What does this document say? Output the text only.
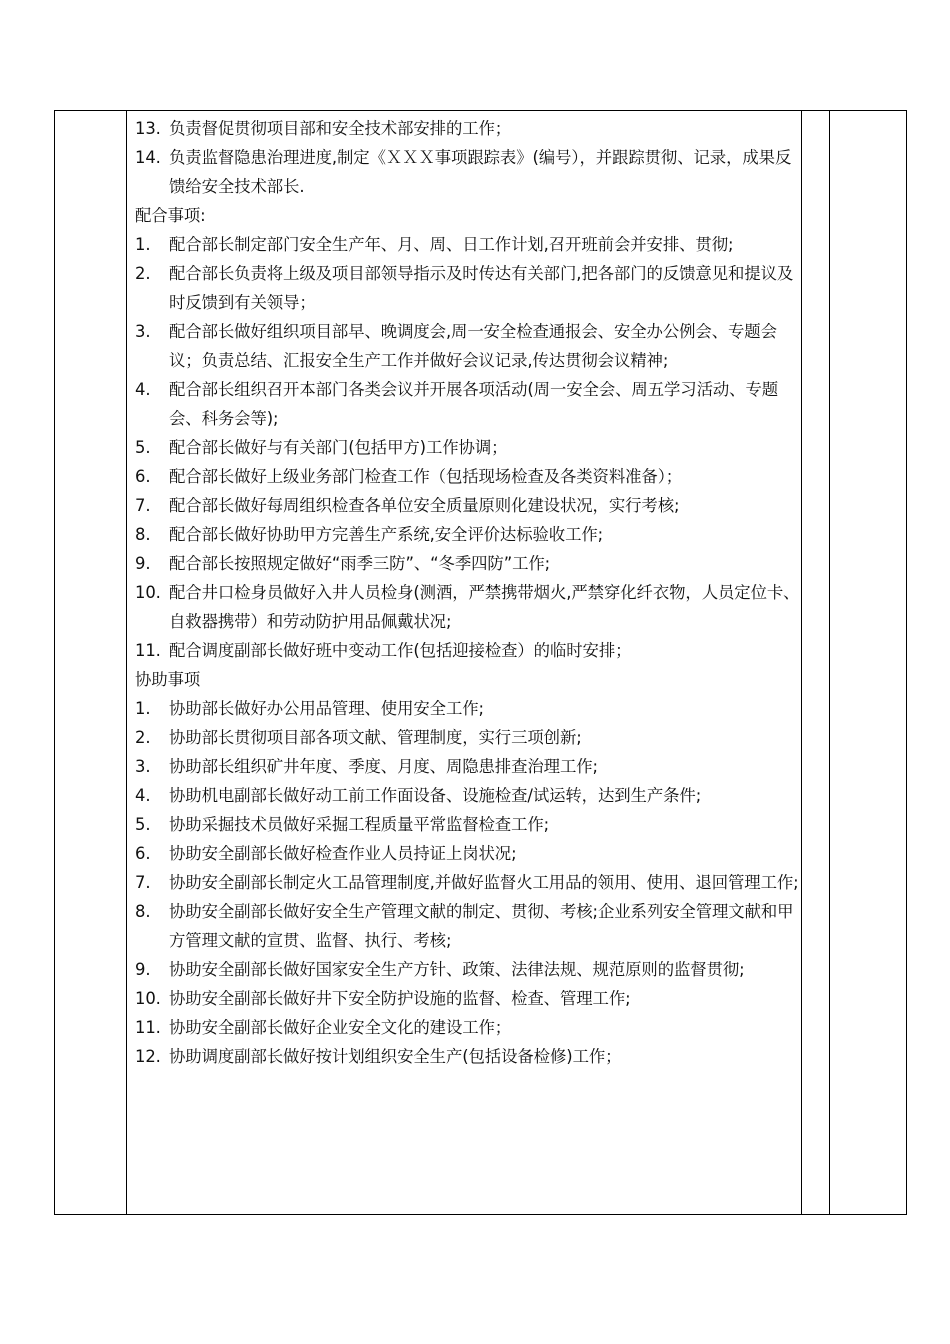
13. 负责督促贯彻项目部和安全技术部安排的工作；
14. 负责监督隐患治理进度,制定《ＸＸＸ事项跟踪表》(编号），并跟踪贯彻、记录，成果反馈给安全技术部长.
配合事项:
1. 配合部长制定部门安全生产年、月、周、日工作计划,召开班前会并安排、贯彻;
2. 配合部长负责将上级及项目部领导指示及时传达有关部门,把各部门的反馈意见和提议及时反馈到有关领导；
3. 配合部长做好组织项目部早、晚调度会,周一安全检查通报会、安全办公例会、专题会议；负责总结、汇报安全生产工作并做好会议记录,传达贯彻会议精神;
4. 配合部长组织召开本部门各类会议并开展各项活动(周一安全会、周五学习活动、专题会、科务会等);
5. 配合部长做好与有关部门(包括甲方)工作协调；
6. 配合部长做好上级业务部门检查工作（包括现场检查及各类资料准备）；
7. 配合部长做好每周组织检查各单位安全质量原则化建设状况，实行考核;
8. 配合部长做好协助甲方完善生产系统,安全评价达标验收工作;
9. 配合部长按照规定做好“雨季三防”、“冬季四防”工作;
10. 配合井口检身员做好入井人员检身(测酒，严禁携带烟火,严禁穿化纤衣物，人员定位卡、自救器携带）和劳动防护用品佩戴状况;
11. 配合调度副部长做好班中变动工作(包括迎接检查）的临时安排；
协助事项
1. 协助部长做好办公用品管理、使用安全工作;
2. 协助部长贯彻项目部各项文献、管理制度，实行三项创新;
3. 协助部长组织矿井年度、季度、月度、周隐患排查治理工作;
4. 协助机电副部长做好动工前工作面设备、设施检查/试运转，达到生产条件;
5. 协助采掘技术员做好采掘工程质量平常监督检查工作;
6. 协助安全副部长做好检查作业人员持证上岗状况;
7. 协助安全副部长制定火工品管理制度,并做好监督火工用品的领用、使用、退回管理工作;
8. 协助安全副部长做好安全生产管理文献的制定、贯彻、考核;企业系列安全管理文献和甲方管理文献的宣贯、监督、执行、考核;
9. 协助安全副部长做好国家安全生产方针、政策、法律法规、规范原则的监督贯彻;
10. 协助安全副部长做好井下安全防护设施的监督、检查、管理工作;
11. 协助安全副部长做好企业安全文化的建设工作；
12. 协助调度副部长做好按计划组织安全生产(包括设备检修)工作；
